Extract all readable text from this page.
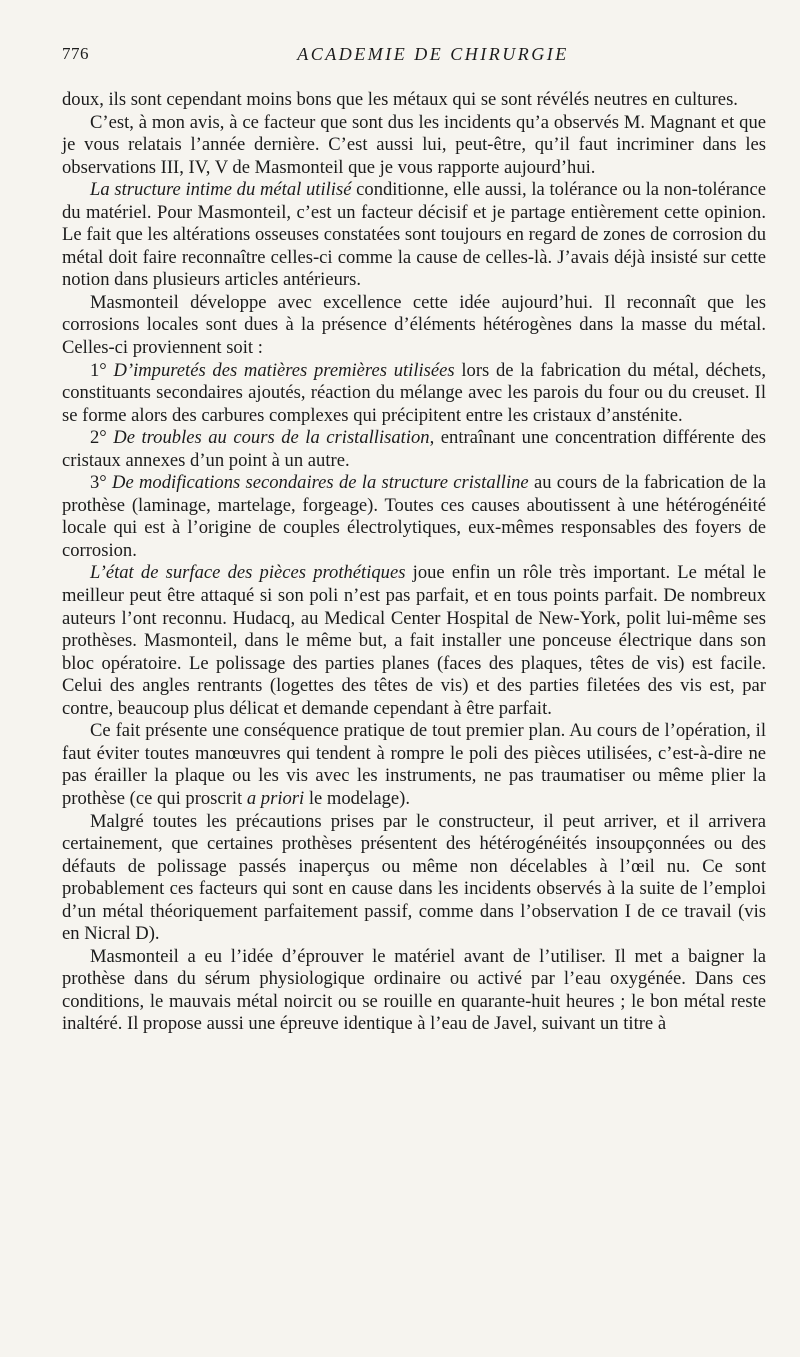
776	ACADEMIE DE CHIRURGIE

doux, ils sont cependant moins bons que les métaux qui se sont révélés neutres en cultures.

C’est, à mon avis, à ce facteur que sont dus les incidents qu’a observés M. Magnant et que je vous relatais l’année dernière. C’est aussi lui, peut-être, qu’il faut incriminer dans les observations III, IV, V de Masmonteil que je vous rapporte aujourd’hui.

La structure intime du métal utilisé conditionne, elle aussi, la tolérance ou la non-tolérance du matériel. Pour Masmonteil, c’est un facteur décisif et je partage entièrement cette opinion. Le fait que les altérations osseuses constatées sont toujours en regard de zones de corrosion du métal doit faire reconnaître celles-ci comme la cause de celles-là. J’avais déjà insisté sur cette notion dans plusieurs articles antérieurs.

Masmonteil développe avec excellence cette idée aujourd’hui. Il reconnaît que les corrosions locales sont dues à la présence d’éléments hétérogènes dans la masse du métal. Celles-ci proviennent soit :

1° D’impuretés des matières premières utilisées lors de la fabrication du métal, déchets, constituants secondaires ajoutés, réaction du mélange avec les parois du four ou du creuset. Il se forme alors des carbures complexes qui précipitent entre les cristaux d’ansténite.

2° De troubles au cours de la cristallisation, entraînant une concentration différente des cristaux annexes d’un point à un autre.

3° De modifications secondaires de la structure cristalline au cours de la fabrication de la prothèse (laminage, martelage, forgeage). Toutes ces causes aboutissent à une hétérogénéité locale qui est à l’origine de couples électrolytiques, eux-mêmes responsables des foyers de corrosion.

L’état de surface des pièces prothétiques joue enfin un rôle très important. Le métal le meilleur peut être attaqué si son poli n’est pas parfait, et en tous points parfait. De nombreux auteurs l’ont reconnu. Hudacq, au Medical Center Hospital de New-York, polit lui-même ses prothèses. Masmonteil, dans le même but, a fait installer une ponceuse électrique dans son bloc opératoire. Le polissage des parties planes (faces des plaques, têtes de vis) est facile. Celui des angles rentrants (logettes des têtes de vis) et des parties filetées des vis est, par contre, beaucoup plus délicat et demande cependant à être parfait.

Ce fait présente une conséquence pratique de tout premier plan. Au cours de l’opération, il faut éviter toutes manœuvres qui tendent à rompre le poli des pièces utilisées, c’est-à-dire ne pas érailler la plaque ou les vis avec les instruments, ne pas traumatiser ou même plier la prothèse (ce qui proscrit a priori le modelage).

Malgré toutes les précautions prises par le constructeur, il peut arriver, et il arrivera certainement, que certaines prothèses présentent des hétérogénéités insoupçonnées ou des défauts de polissage passés inaperçus ou même non décelables à l’œil nu. Ce sont probablement ces facteurs qui sont en cause dans les incidents observés à la suite de l’emploi d’un métal théoriquement parfaitement passif, comme dans l’observation I de ce travail (vis en Nicral D).

Masmonteil a eu l’idée d’éprouver le matériel avant de l’utiliser. Il met a baigner la prothèse dans du sérum physiologique ordinaire ou activé par l’eau oxygénée. Dans ces conditions, le mauvais métal noircit ou se rouille en quarante-huit heures ; le bon métal reste inaltéré. Il propose aussi une épreuve identique à l’eau de Javel, suivant un titre à
